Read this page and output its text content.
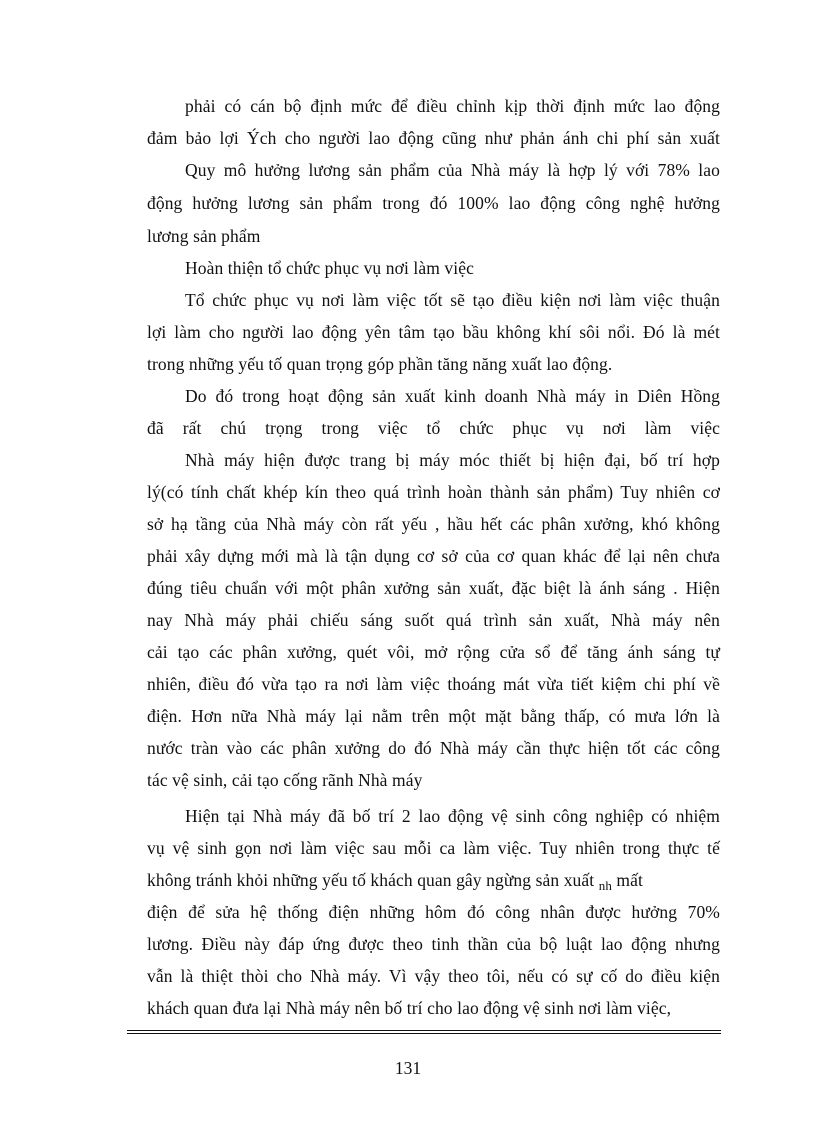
phải có cán bộ định mức để điều chỉnh kịp thời định mức lao động
đảm bảo lợi Ých cho người lao động cũng như phản ánh chi phí sản xuất
Quy mô hưởng lương sản phẩm của Nhà máy là hợp lý với 78% lao
động hưởng lương sản phẩm trong đó 100% lao động công nghệ hưởng
lương sản phẩm
Hoàn thiện tổ chức phục vụ nơi làm việc
Tổ chức phục vụ nơi làm việc tốt sẽ tạo điều kiện nơi làm việc thuận
lợi làm cho người lao động yên tâm tạo bầu không khí sôi nổi. Đó là mét
trong những yếu tố quan trọng góp phần tăng năng xuất lao động.
Do đó trong hoạt động sản xuất kinh doanh Nhà máy in Diên Hồng
đã rất chú trọng trong việc tổ chức phục vụ nơi làm việc
Nhà máy hiện được trang bị máy móc thiết bị hiện đại, bố trí hợp
lý(có tính chất khép kín theo quá trình hoàn thành sản phẩm) Tuy nhiên cơ
sở hạ tầng của Nhà máy còn rất yếu , hầu hết các phân xưởng, khó không
phải xây dựng mới mà là tận dụng cơ sở của cơ quan khác để lại nên chưa
đúng tiêu chuẩn với một phân xưởng sản xuất, đặc biệt là ánh sáng . Hiện
nay Nhà máy phải chiếu sáng suốt quá trình sản xuất, Nhà máy nên
cải tạo các phân xưởng, quét vôi, mở rộng cửa sổ để tăng ánh sáng tự
nhiên, điều đó vừa tạo ra nơi làm việc thoáng mát vừa tiết kiệm chi phí về
điện. Hơn nữa Nhà máy lại nằm trên một mặt bằng thấp, có mưa lớn là
nước tràn vào các phân xưởng do đó Nhà máy cần thực hiện tốt các công
tác vệ sinh, cải tạo cống rãnh Nhà máy
Hiện tại Nhà máy đã bố trí 2 lao động vệ sinh công nghiệp có nhiệm
vụ vệ sinh gọn nơi làm việc sau mỗi ca làm việc. Tuy nhiên trong thực tế
không tránh khỏi những yếu tố khách quan gây ngừng sản xuất $_{nh}$ mất
điện để sửa hệ thống điện những hôm đó công nhân được hưởng 70%
lương. Điều này đáp ứng được theo tinh thần của bộ luật lao động nhưng
vẫn là thiệt thòi cho Nhà máy. Vì vậy theo tôi, nếu có sự cố do điều kiện
khách quan đưa lại Nhà máy nên bố trí cho lao động vệ sinh nơi làm việc,
131
